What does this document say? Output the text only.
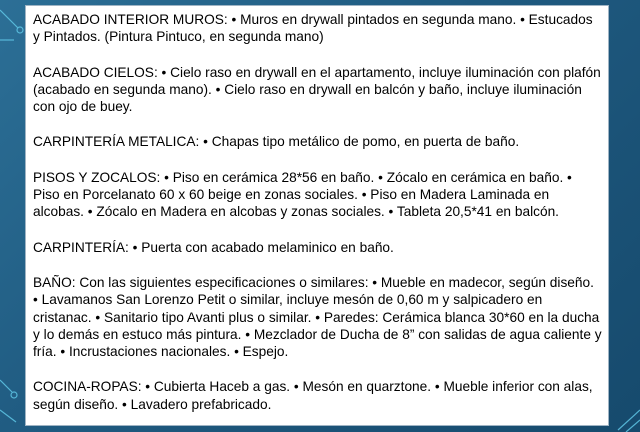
ACABADO INTERIOR MUROS: • Muros en drywall pintados en segunda mano. • Estucados y Pintados. (Pintura Pintuco, en segunda mano)

ACABADO CIELOS: • Cielo raso en drywall en el apartamento, incluye iluminación con plafón (acabado en segunda mano). • Cielo raso en drywall en balcón y baño, incluye iluminación con ojo de buey.

CARPINTERÍA METALICA: • Chapas tipo metálico de pomo, en puerta de baño.

PISOS Y ZOCALOS: • Piso en cerámica 28*56 en baño. • Zócalo en cerámica en baño. • Piso en Porcelanato 60 x 60 beige en zonas sociales. • Piso en Madera Laminada en alcobas. • Zócalo en Madera en alcobas y zonas sociales. • Tableta 20,5*41 en balcón.

CARPINTERÍA: • Puerta con acabado melaminico en baño.

BAÑO: Con las siguientes especificaciones o similares: • Mueble en madecor, según diseño. • Lavamanos San Lorenzo Petit o similar, incluye mesón de 0,60 m y salpicadero en cristanac. • Sanitario tipo Avanti plus o similar. • Paredes: Cerámica blanca 30*60 en la ducha y lo demás en estuco más pintura. • Mezclador de Ducha de 8” con salidas de agua caliente y fría. • Incrustaciones nacionales. • Espejo.

COCINA-ROPAS: • Cubierta Haceb a gas. • Mesón en quarztone. • Mueble inferior con alas, según diseño. • Lavadero prefabricado.
